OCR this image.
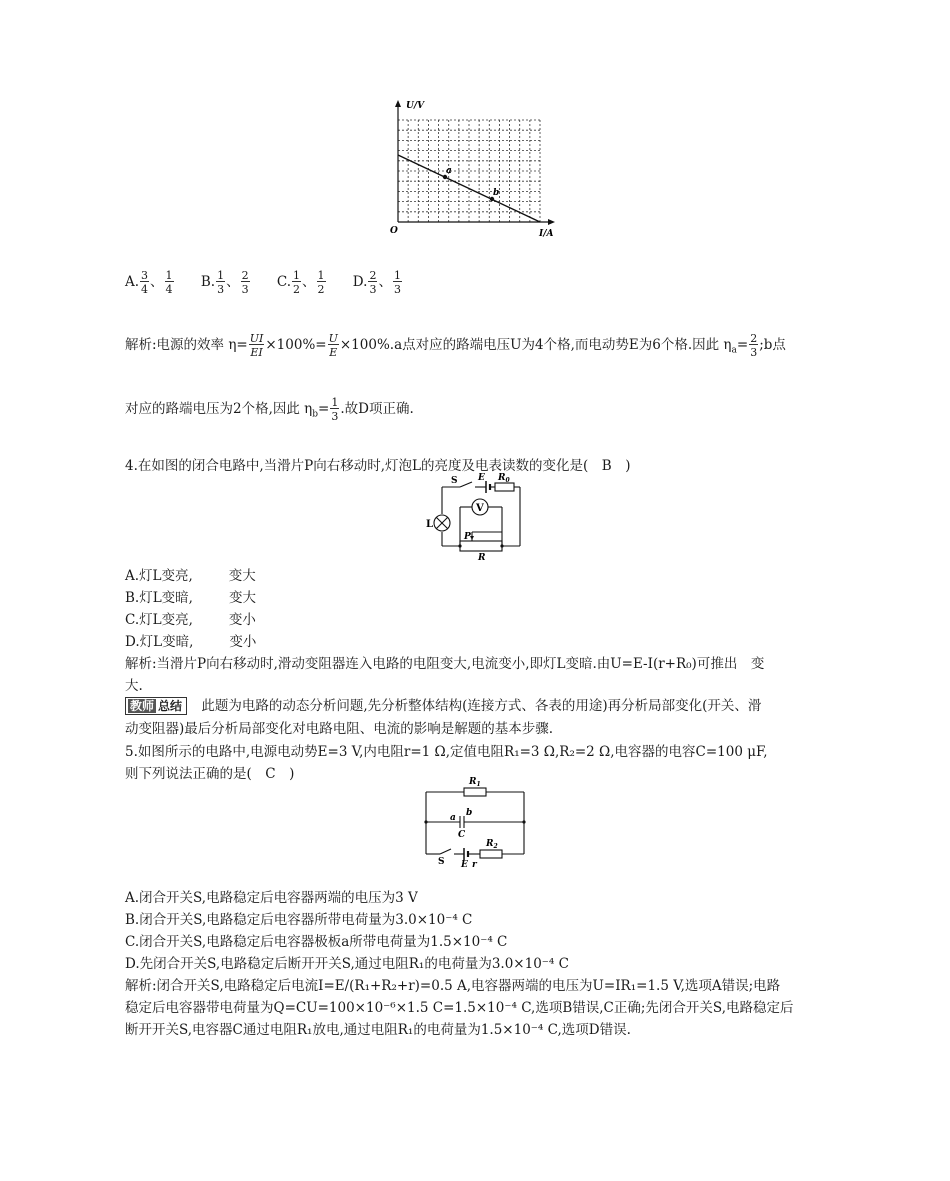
U/V
I/A
O
a
b
A. $\frac{3}{4}$ 、 $\frac{1}{4} B$. $\frac{1}{3}$ 、 $\frac{2}{3} C$. $\frac{1}{2}$ 、 $\frac{1}{2} D$. $\frac{2}{3}$ 、 $\frac{1}{3}$
解析:电源的效率 $\eta= \frac{UI}{EI} \times 100\%= \frac{U}{E} \times 100\%.a$点对应的路端电压U为4个格,而电动势E为6个格.因此 $\eta_a= \frac{2}{3}$ ;b点
对应的路端电压为2个格,因此 $\eta_b= \frac{1}{3}$ .故D项正确.
4.在如图的闭合电路中,当滑片P向右移动时,灯泡L的亮度及电表读数的变化是(　B　)
S E $R_0$
V
L
P
R
A.灯L变亮,	变大
B.灯L变暗,	变大
C.灯L变亮,	变小
D.灯L变暗,	变小
解析:当滑片P向右移动时,滑动变阻器连入电路的电阻变大,电流变小,即灯L变暗.由U=E-I(r+R₀)可推出　变
大.
教师 总结 此题为电路的动态分析问题,先分析整体结构(连接方式、各表的用途)再分析局部变化(开关、滑
动变阻器)最后分析局部变化对电路电阻、电流的影响是解题的基本步骤.
5.如图所示的电路中,电源电动势E=3 V,内电阻r=1 Ω,定值电阻R₁=3 Ω,R₂=2 Ω,电容器的电容C=100 μF,
则下列说法正确的是(　C　)	$R_1$
a b
C
S E r
$R_2$
A.闭合开关S,电路稳定后电容器两端的电压为3 V
B.闭合开关S,电路稳定后电容器所带电荷量为3.0×10⁻⁴ C
C.闭合开关S,电路稳定后电容器极板a所带电荷量为1.5×10⁻⁴ C
D.先闭合开关S,电路稳定后断开开关S,通过电阻R₁的电荷量为3.0×10⁻⁴ C
解析:闭合开关S,电路稳定后电流I=E/(R₁+R₂+r)=0.5 A,电容器两端的电压为U=IR₁=1.5 V,选项A错误;电路
稳定后电容器带电荷量为Q=CU=100×10⁻⁶×1.5 C=1.5×10⁻⁴ C,选项B错误,C正确;先闭合开关S,电路稳定后
断开开关S,电容器C通过电阻R₁放电,通过电阻R₁的电荷量为1.5×10⁻⁴ C,选项D错误.
